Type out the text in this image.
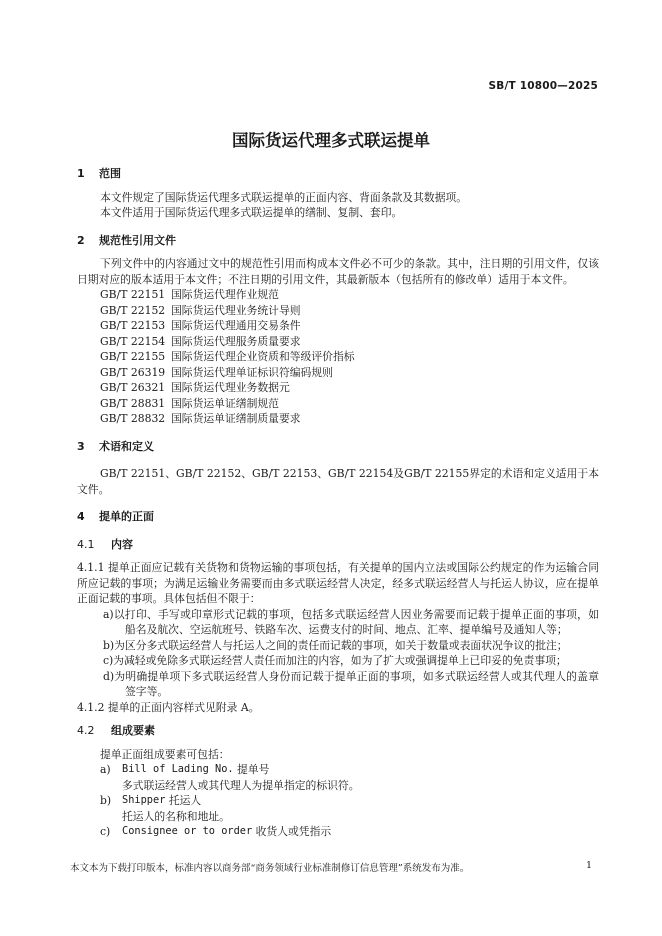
SB/T 10800—2025
国际货运代理多式联运提单
1	范围

本文件规定了国际货运代理多式联运提单的正面内容、背面条款及其数据项。

本文件适用于国际货运代理多式联运提单的缮制、复制、套印。

2	规范性引用文件

下列文件中的内容通过文中的规范性引用而构成本文件必不可少的条款。其中，注日期的引用文件，仅该日期对应的版本适用于本文件；不注日期的引用文件，其最新版本（包括所有的修改单）适用于本文件。

GB/T 22151 国际货运代理作业规范
GB/T 22152 国际货运代理业务统计导则
GB/T 22153 国际货运代理通用交易条件
GB/T 22154 国际货运代理服务质量要求
GB/T 22155 国际货运代理企业资质和等级评价指标
GB/T 26319 国际货运代理单证标识符编码规则
GB/T 26321 国际货运代理业务数据元
GB/T 28831 国际货运单证缮制规范
GB/T 28832 国际货运单证缮制质量要求
3	术语和定义

GB/T 22151、GB/T 22152、GB/T 22153、GB/T 22154及GB/T 22155界定的术语和定义适用于本文件。

4	提单的正面
4.1	内容

4.1.1 提单正面应记载有关货物和货物运输的事项包括，有关提单的国内立法或国际公约规定的作为运输合同所应记载的事项；为满足运输业务需要而由多式联运经营人决定，经多式联运经营人与托运人协议，应在提单正面记载的事项。具体包括但不限于：

a)以打印、手写或印章形式记载的事项，包括多式联运经营人因业务需要而记载于提单正面的事项，如船名及航次、空运航班号、铁路车次、运费支付的时间、地点、汇率、提单编号及通知人等；

b)为区分多式联运经营人与托运人之间的责任而记载的事项，如关于数量或表面状况争议的批注；

c)为减轻或免除多式联运经营人责任而加注的内容，如为了扩大或强调提单上已印妥的免责事项；

d)为明确提单项下多式联运经营人身份而记载于提单正面的事项，如多式联运经营人或其代理人的盖章签字等。

4.1.2 提单的正面内容样式见附录 A。

4.2	组成要素

提单正面组成要素可包括：

a)	Bill of Lading No.
提单号

多式联运经营人或其代理人为提单指定的标识符。

b)	Shipper
托运人

托运人的名称和地址。

c)	Consignee or to order
收货人或凭指示
本文本为下载打印版本，标准内容以商务部“商务领域行业标准制修订信息管理”系统发布为准。	1
